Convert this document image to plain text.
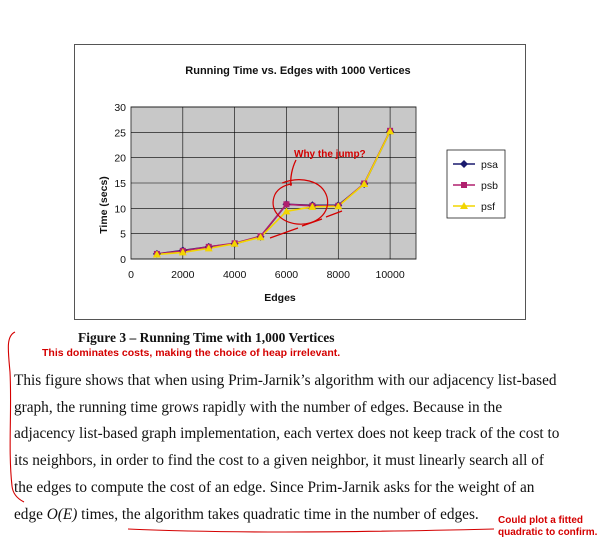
Running Time vs. Edges with 1000 Vertices
0
5
10
15
20
25
30
0	2000	4000	6000	8000 10000
Time (secs)
Edges
psa
psb
psf
Why the jump?
Figure 3 – Running Time with 1,000 Vertices
This dominates costs, making the choice of heap irrelevant.

This figure shows that when using Prim-Jarnik’s algorithm with our adjacency list-based

graph, the running time grows rapidly with the number of edges. Because in the

adjacency list-based graph implementation, each vertex does not keep track of the cost to

its neighbors, in order to find the cost to a given neighbor, it must linearly search all of

the edges to compute the cost of an edge. Since Prim-Jarnik asks for the weight of an

edge O(E) times, the algorithm takes quadratic time in the number of edges.	Could plot a fitted
quadratic to confirm.
